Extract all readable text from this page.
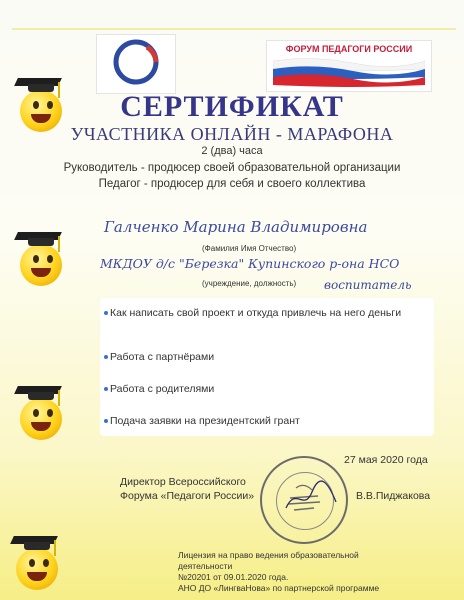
ФОРУМ ПЕДАГОГИ РОССИИ
СЕРТИФИКАТ
УЧАСТНИКА ОНЛАЙН - МАРАФОНА
2 (два) часа
Руководитель - продюсер своей образовательной организации
Педагог - продюсер для себя и своего коллектива
Галченко Марина Владимировна
(Фамилия Имя Отчество)
МКДОУ д/с "Березка" Купинского р-она НСО
(учреждение, должность) воспитатель
Как написать свой проект и откуда привлечь на него деньги
Работа с партнёрами
Работа с родителями
Подача заявки на президентский грант
27 мая 2020 года
Директор Всероссийского
Форума «Педагоги России»	В.В.Пиджакова
Лицензия на право ведения образовательной
деятельности
№20201 от 09.01.2020 года.
АНО ДО «ЛингваНова» по партнерской программе
